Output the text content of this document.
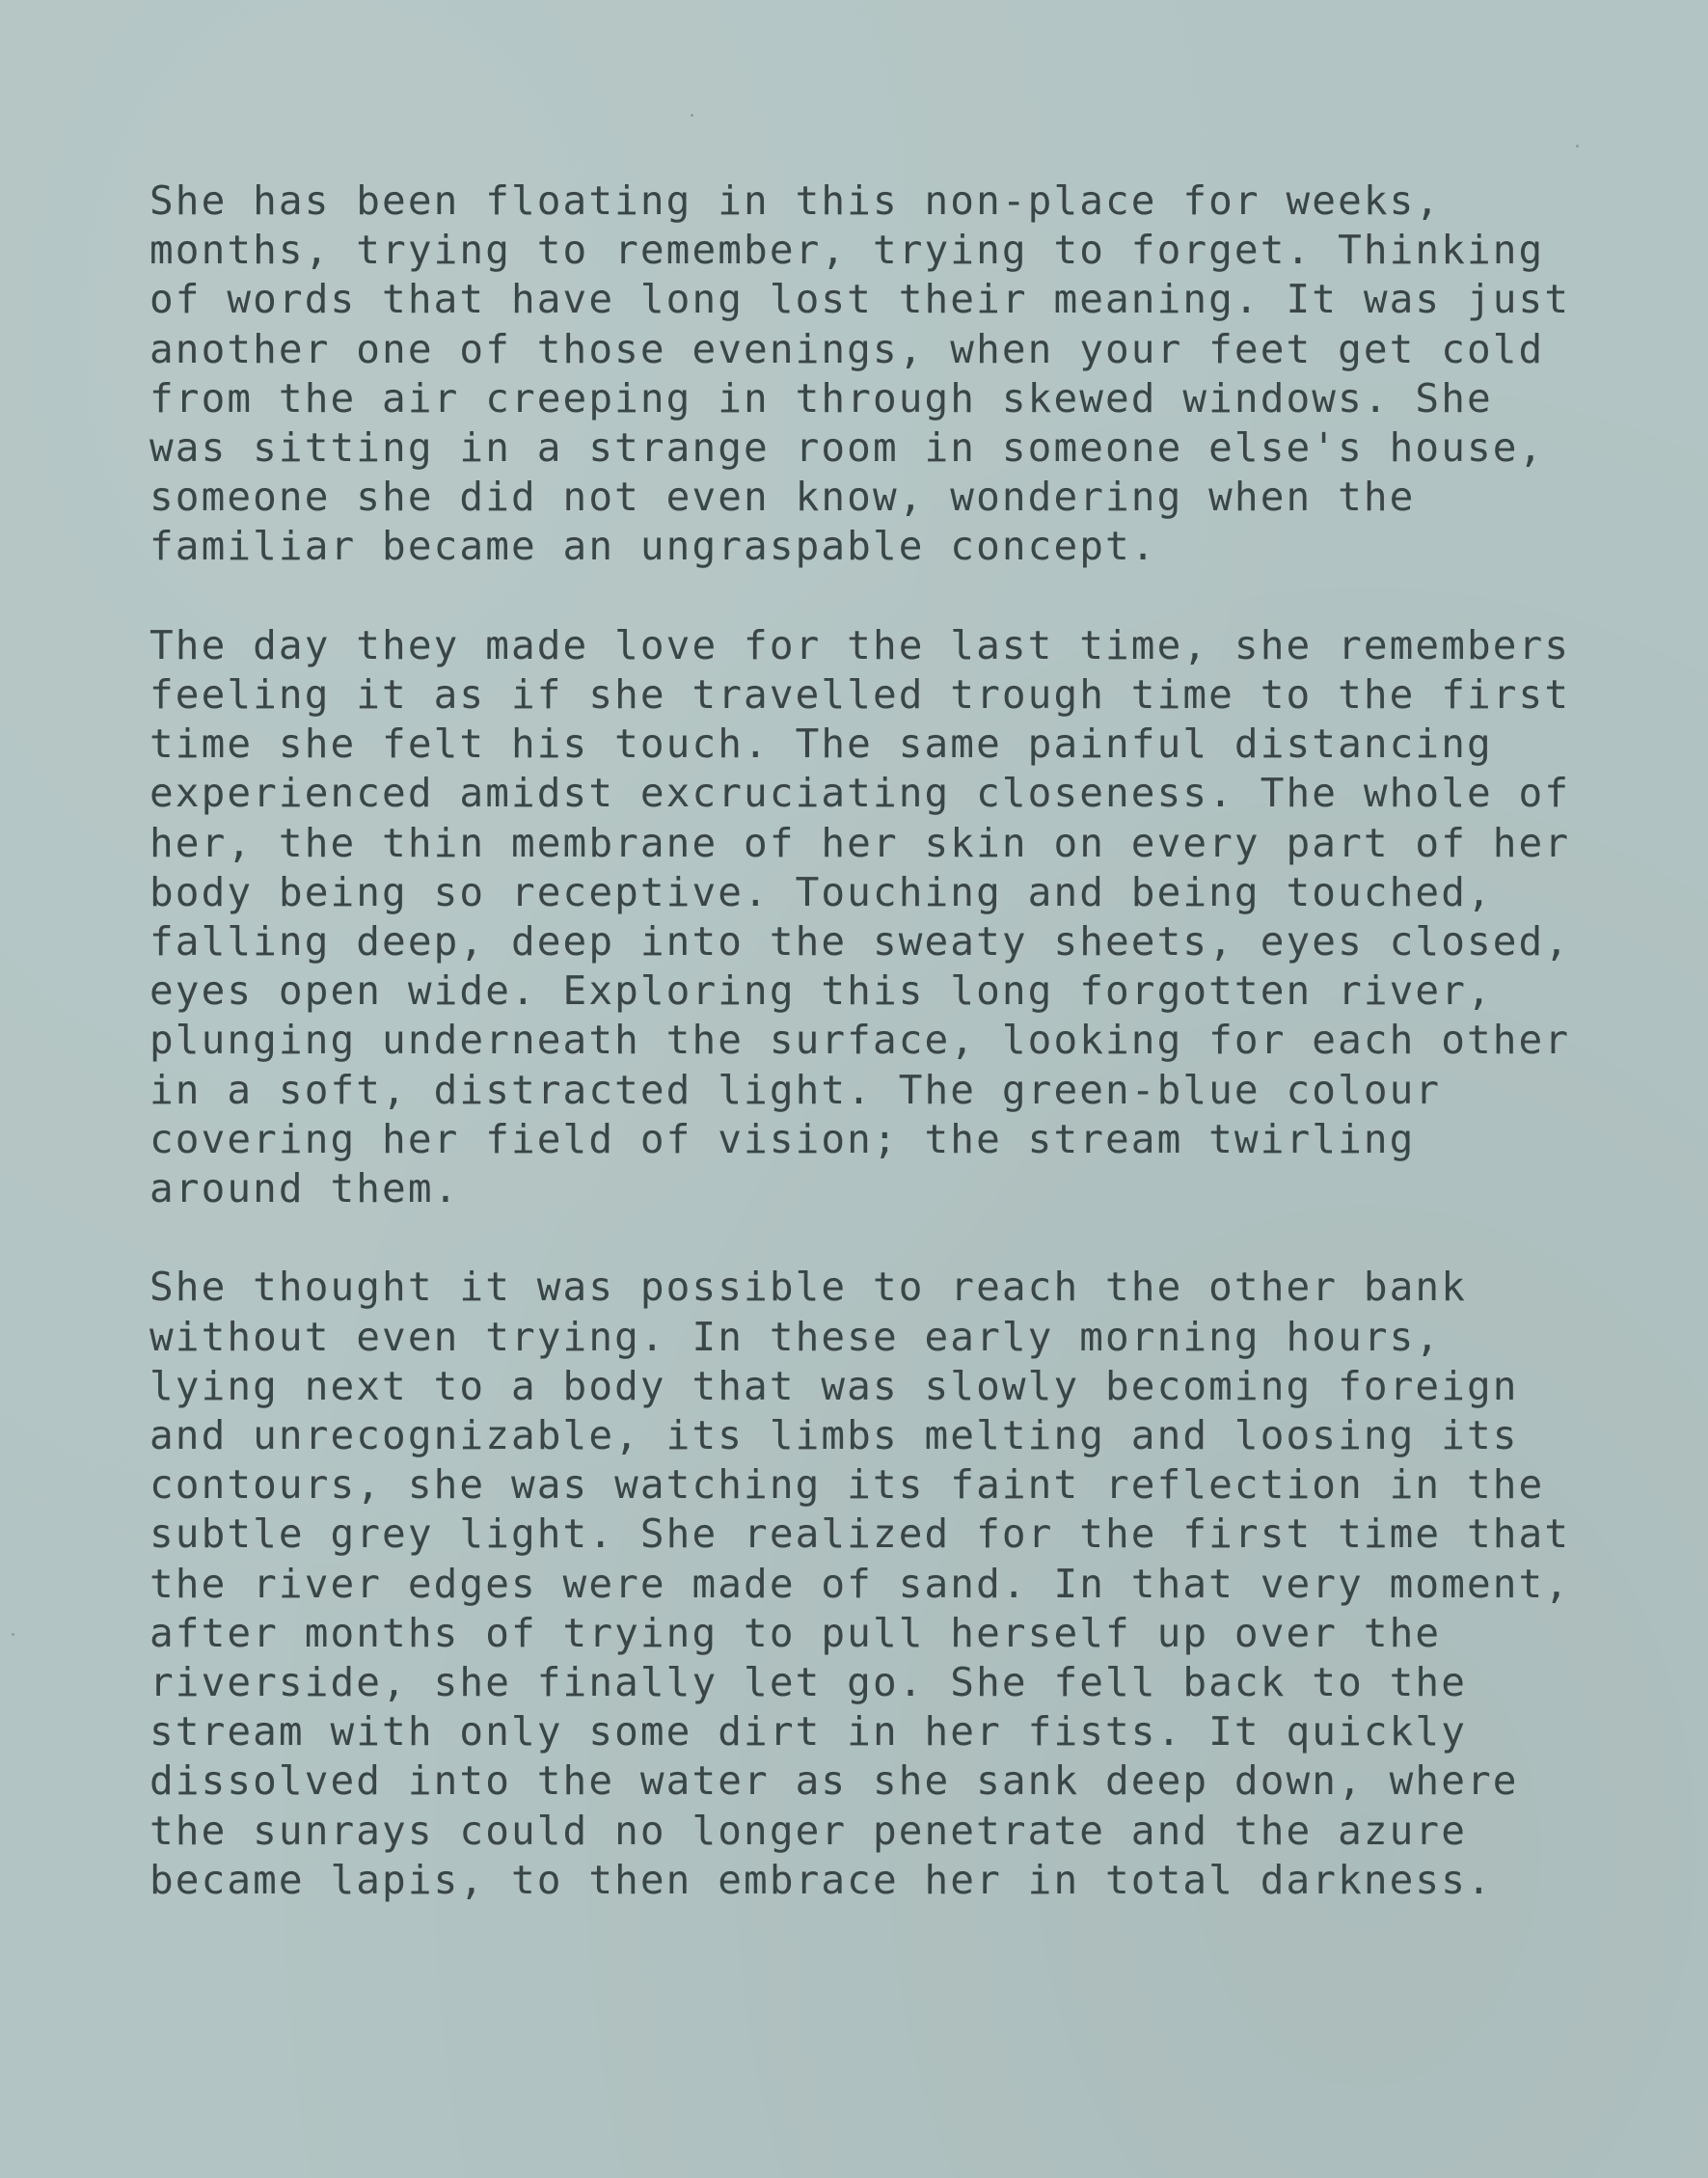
She has been floating in this non-place for weeks,
months, trying to remember, trying to forget. Thinking
of words that have long lost their meaning. It was just
another one of those evenings, when your feet get cold
from the air creeping in through skewed windows. She
was sitting in a strange room in someone else's house,
someone she did not even know, wondering when the
familiar became an ungraspable concept.

The day they made love for the last time, she remembers
feeling it as if she travelled trough time to the first
time she felt his touch. The same painful distancing
experienced amidst excruciating closeness. The whole of
her, the thin membrane of her skin on every part of her
body being so receptive. Touching and being touched,
falling deep, deep into the sweaty sheets, eyes closed,
eyes open wide. Exploring this long forgotten river,
plunging underneath the surface, looking for each other
in a soft, distracted light. The green-blue colour
covering her field of vision; the stream twirling
around them.

She thought it was possible to reach the other bank
without even trying. In these early morning hours,
lying next to a body that was slowly becoming foreign
and unrecognizable, its limbs melting and loosing its
contours, she was watching its faint reflection in the
subtle grey light. She realized for the first time that
the river edges were made of sand. In that very moment,
after months of trying to pull herself up over the
riverside, she finally let go. She fell back to the
stream with only some dirt in her fists. It quickly
dissolved into the water as she sank deep down, where
the sunrays could no longer penetrate and the azure
became lapis, to then embrace her in total darkness.
